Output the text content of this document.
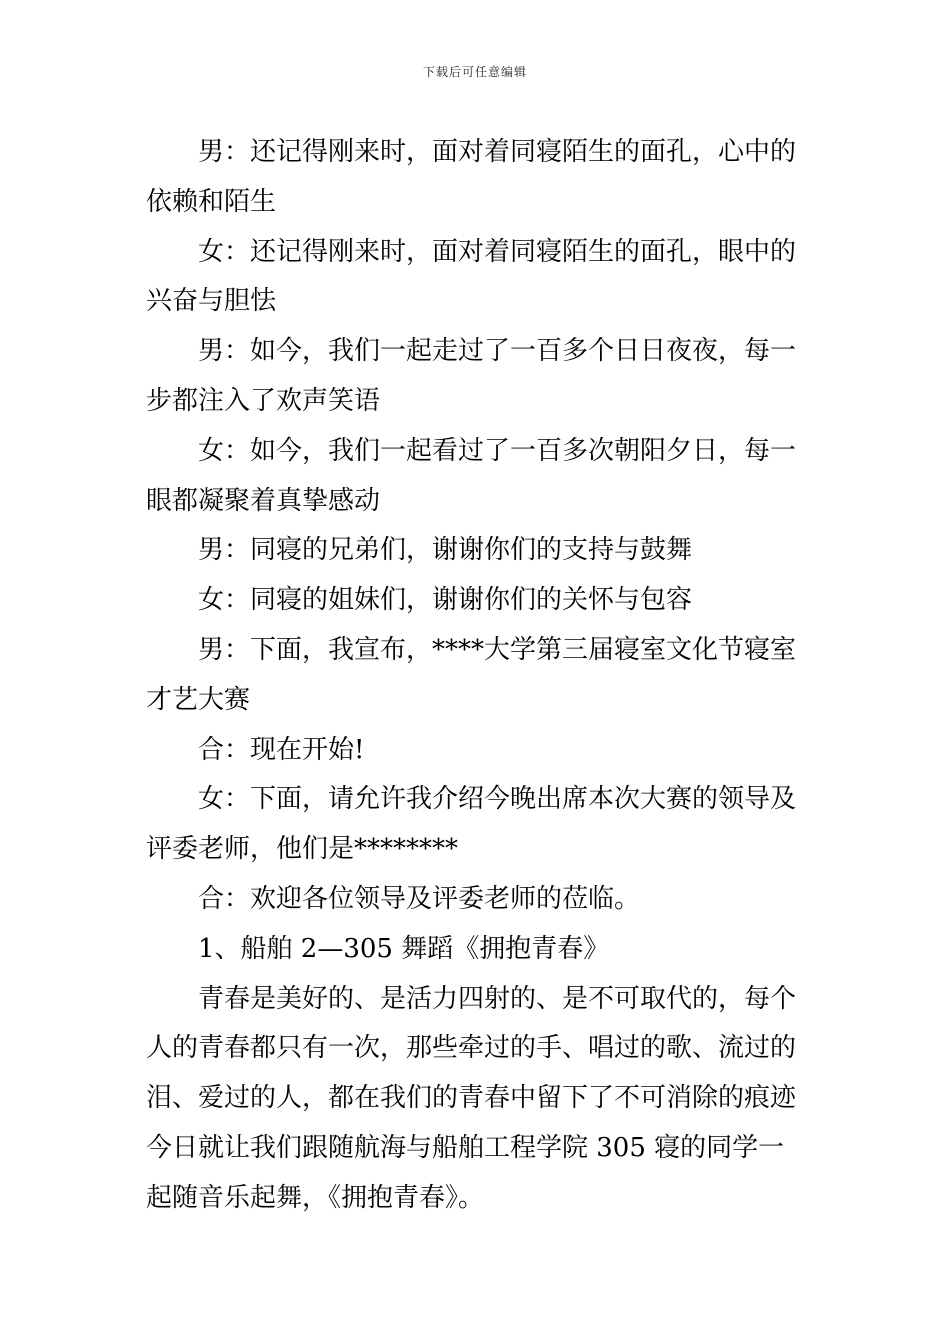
下载后可任意编辑

男：还记得刚来时，面对着同寝陌生的面孔，心中的依赖和陌生

女：还记得刚来时，面对着同寝陌生的面孔，眼中的兴奋与胆怯

男：如今，我们一起走过了一百多个日日夜夜，每一步都注入了欢声笑语

女：如今，我们一起看过了一百多次朝阳夕日，每一眼都凝聚着真挚感动

男：同寝的兄弟们，谢谢你们的支持与鼓舞

女：同寝的姐妹们，谢谢你们的关怀与包容

男：下面，我宣布，****大学第三届寝室文化节寝室才艺大赛

合：现在开始!

女：下面，请允许我介绍今晚出席本次大赛的领导及评委老师，他们是********

合：欢迎各位领导及评委老师的莅临。

1、船舶 2—305 舞蹈《拥抱青春》

青春是美好的、是活力四射的、是不可取代的，每个人的青春都只有一次，那些牵过的手、唱过的歌、流过的泪、爱过的人，都在我们的青春中留下了不可消除的痕迹今日就让我们跟随航海与船舶工程学院 305 寝的同学一起随音乐起舞，《拥抱青春》。
